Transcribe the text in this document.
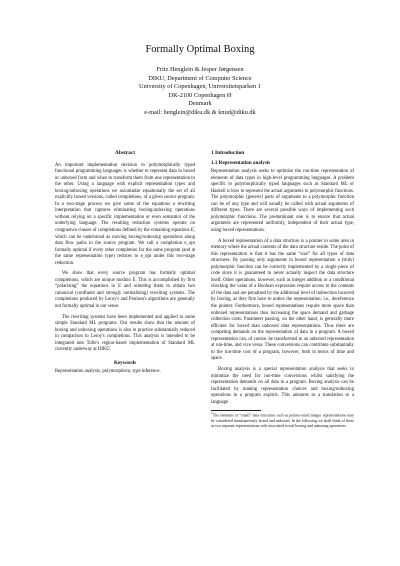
Formally Optimal Boxing
Fritz Henglein & Jesper Jørgensen
DIKU, Department of Computer Science
University of Copenhagen, Universitetsparken 1
DK-2100 Copenhagen Ø
Denmark
e-mail: henglein@diku.dk & knud@diku.dk
Abstract

An important implementation decision in polymorphically typed functional programming languages is whether to represent data in boxed or unboxed form and when to transform them from one representation to the other. Using a language with explicit representation types and boxing/unboxing operations we axiomatize equationally the set of all explicitly boxed versions, called completions, of a given source program. In a two-stage process we give some of the equations a rewriting interpretation that captures eliminating boxing/unboxing operations without relying on a specific implementation or even semantics of the underlying language. The resulting reduction systems operate on congruence classes of completions defined by the remaining equations E, which can be understood as moving boxing/unboxing operations along data flow paths in the source program. We call a completion e_opt formally optimal if every other completion for the same program (and at the same representation type) reduces to e_opt under this two-stage reduction.

We show that every source program has formally optimal completions, which are unique modulo E. This is accomplished by first “polarizing” the equations in E and orienting them to obtain two canonical (confluent and strongly normalizing) rewriting systems. The completions produced by Leroy's and Poulsen's algorithms are generally not formally optimal in our sense.

The rewriting systems have been implemented and applied to some simple Standard ML programs. Our results show that the amount of boxing and unboxing operations is also in practice substantially reduced in comparison to Leroy's completions. This analysis is intended to be integrated into Tofte's region-based implementation of Standard ML currently underway at DIKU.

Keywords

Representation analysis, polymorphism, type inference.

1 Introduction
1.1 Representation analysis

Representation analysis seeks to optimize the run-time representation of elements of data types in high-level programming languages. A problem specific to polymorphically typed languages such as Standard ML or Haskell is how to represent the actual arguments to polymorphic functions. The polymorphic (generic) parts of arguments to a polymorphic function can be of any type and will usually be called with actual arguments of different types. There are several possible ways of implementing such polymorphic functions. The predominant one is to ensure that actual arguments are represented uniformly, independent of their actual type, using boxed representations.

A boxed representation of a data structure is a pointer to some area in memory where the actual contents of the data structure reside. The point of this representation is that it has the same “size” for all types of data structures. By passing only arguments in boxed representation a (truly) polymorphic function can be correctly implemented by a single piece of code since it is guaranteed to never actually inspect the data structure itself. Other operations, however, such as integer addition or a conditional checking the value of a Boolean expression require access to the contents of the data and are penalized by the additional level of indirection incurred by boxing, as they first have to unbox the representation; i.e., dereference the pointer. Furthermore, boxed representations require more space than unboxed representations thus increasing the space demand and garbage collection costs. Parameter passing, on the other hand, is generally more efficient for boxed than unboxed data representations. Thus there are competing demands on the representation of data in a program. A boxed representation can, of course, be transformed to an unboxed representation at run-time, and vice versa. These conversions can contribute substantially to the run-time cost of a program, however, both in terms of time and space.

Boxing analysis is a special representation analysis that seeks to minimize the need for run-time conversions whilst satisfying the representation demands on all data in a program. Boxing analysis can be facilitated by making representation choices and boxing/unboxing operations in a program explicit. This amounts to a translation to a language

1The elements of “small” data structures such as pointer-sized integer representations may be considered simultaneously boxed and unboxed. In the following we shall think of these as two separate representations with associated trivial boxing and unboxing operations.
